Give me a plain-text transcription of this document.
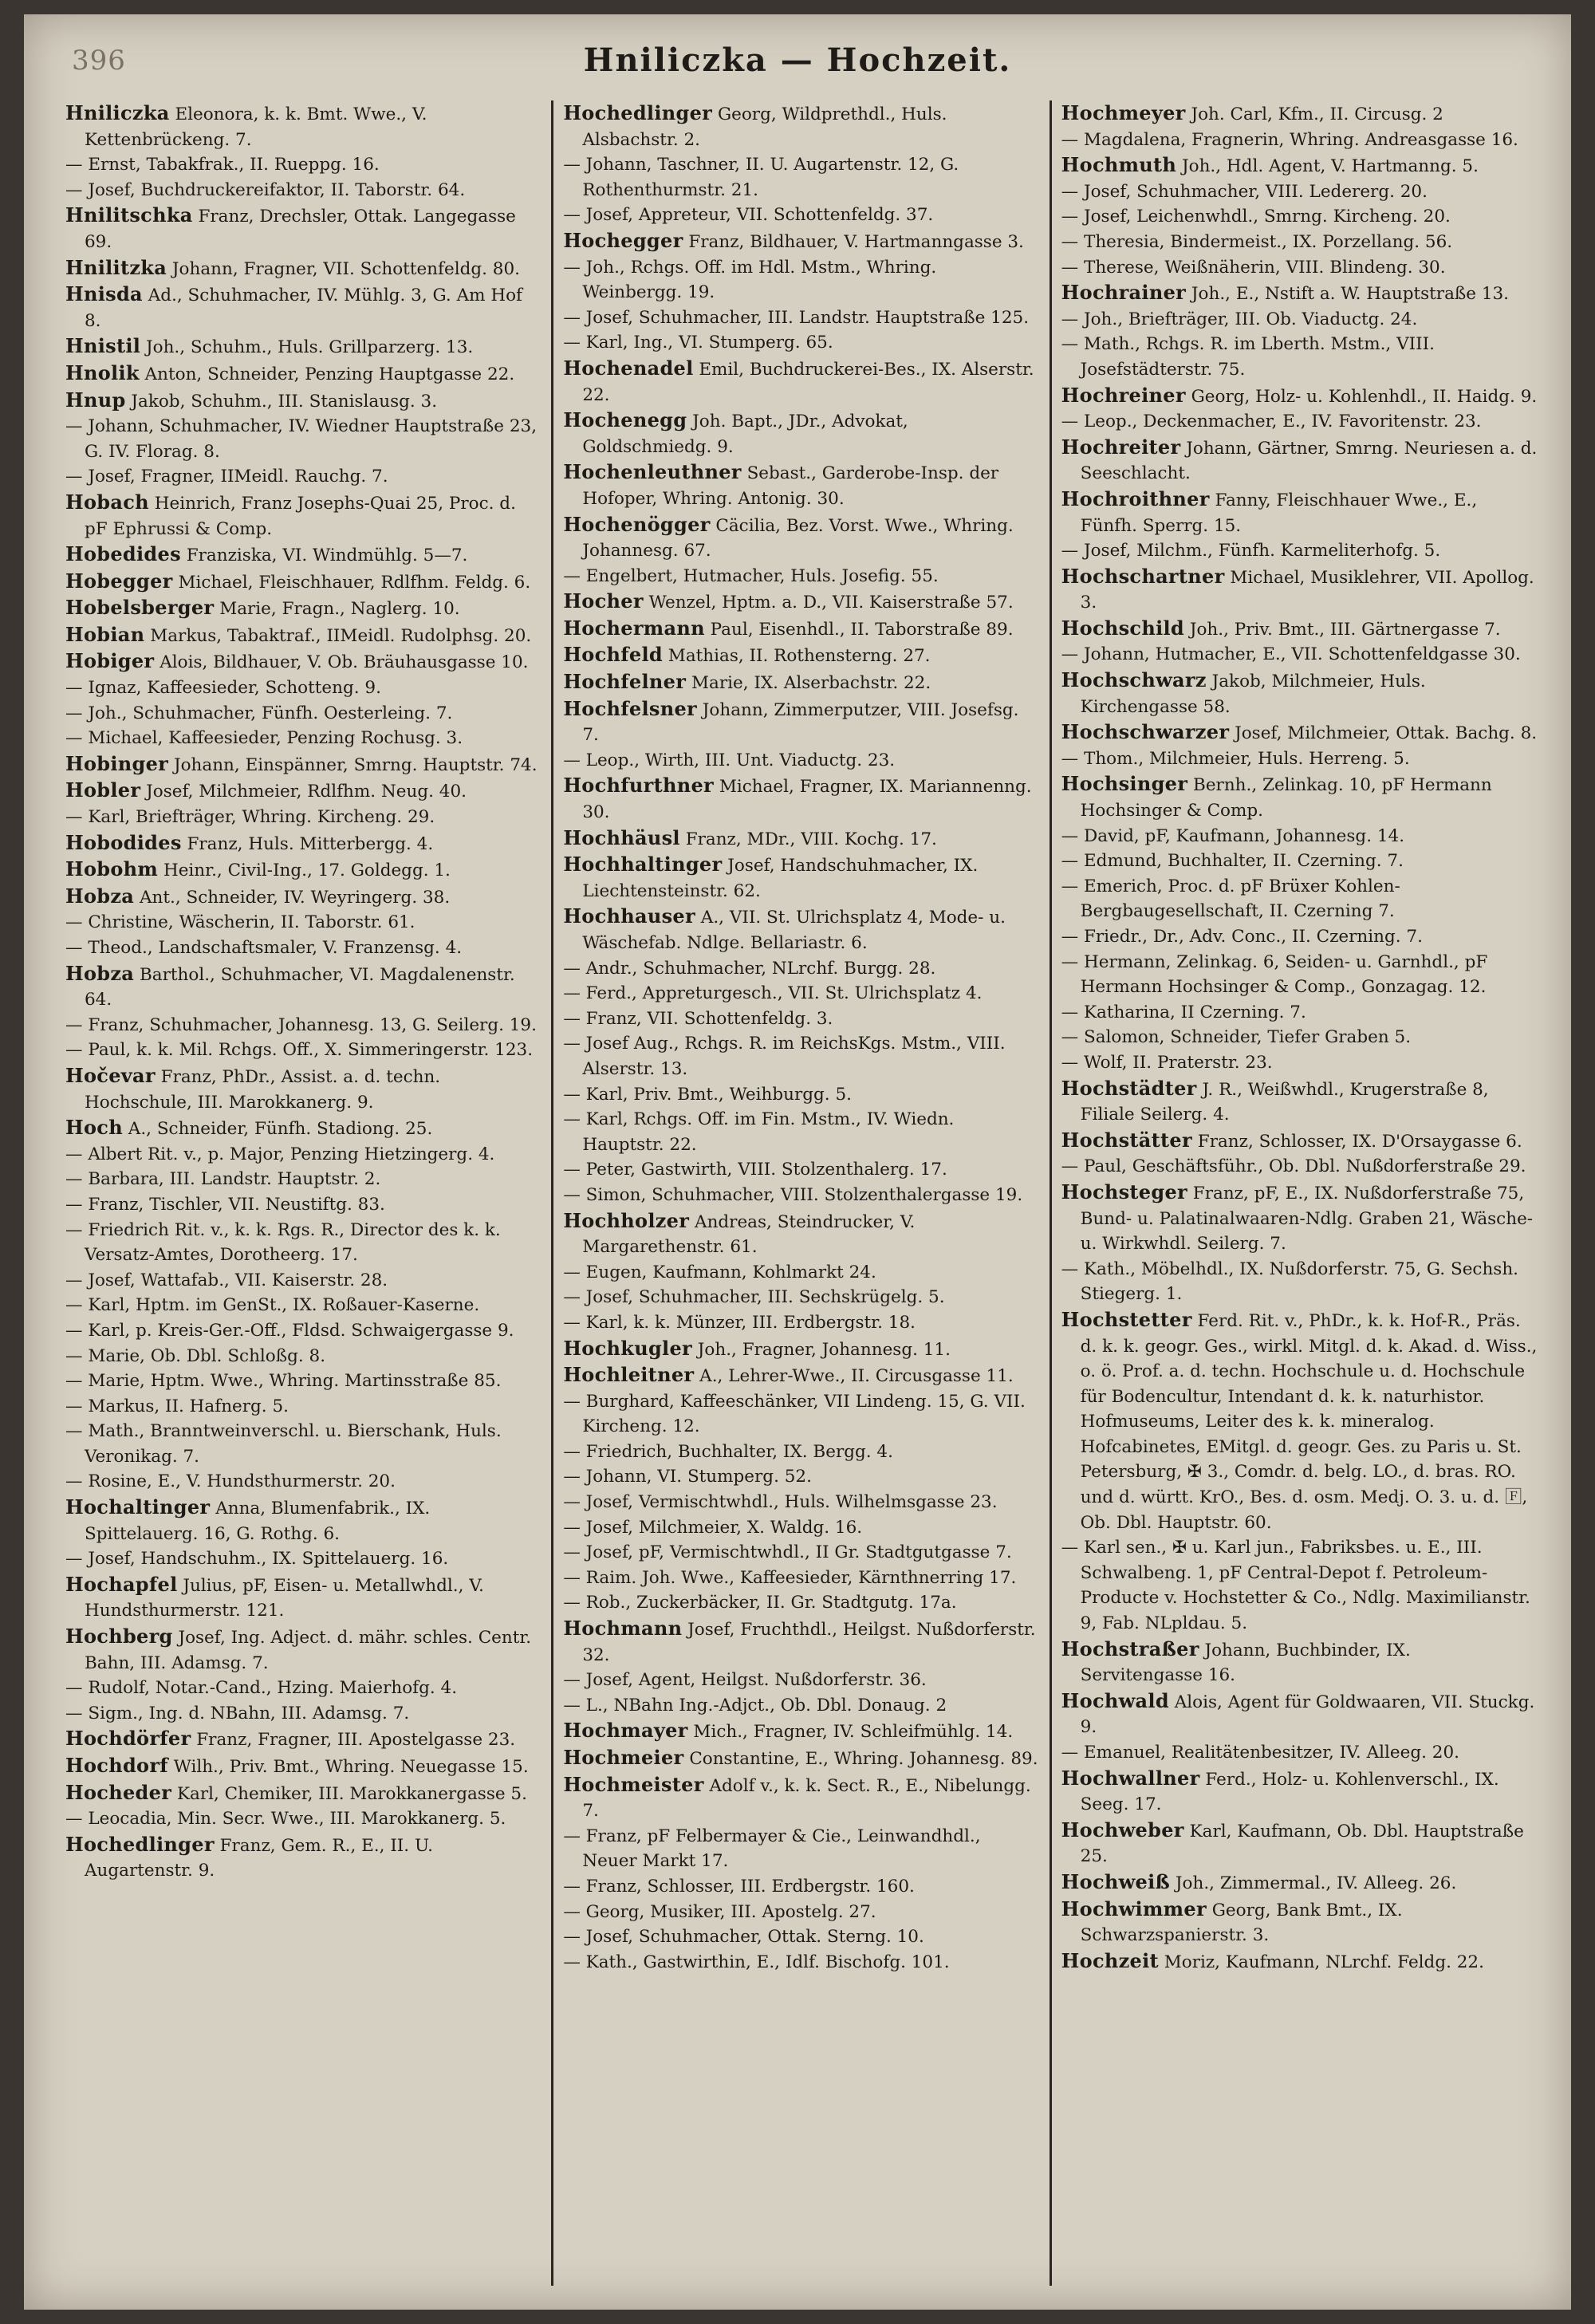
396	Hniliczka — Hochzeit.

Hniliczka Eleonora, k. k. Bmt. Wwe., V. Kettenbrückeng. 7.

— Ernst, Tabakfrak., II. Rueppg. 16.

— Josef, Buchdruckereifaktor, II. Taborstr. 64.

Hnilitschka Franz, Drechsler, Ottak. Langegasse 69.

Hnilitzka Johann, Fragner, VII. Schottenfeldg. 80.

Hnisda Ad., Schuhmacher, IV. Mühlg. 3, G. Am Hof 8.

Hnistil Joh., Schuhm., Huls. Grillparzerg. 13.

Hnolik Anton, Schneider, Penzing Hauptgasse 22.

Hnup Jakob, Schuhm., III. Stanislausg. 3.

— Johann, Schuhmacher, IV. Wiedner Hauptstraße 23, G. IV. Florag. 8.

— Josef, Fragner, IIMeidl. Rauchg. 7.

Hobach Heinrich, Franz Josephs-Quai 25, Proc. d. pF Ephrussi & Comp.

Hobedides Franziska, VI. Windmühlg. 5—7.

Hobegger Michael, Fleischhauer, Rdlfhm. Feldg. 6.

Hobelsberger Marie, Fragn., Naglerg. 10.

Hobian Markus, Tabaktraf., IIMeidl. Rudolphsg. 20.

Hobiger Alois, Bildhauer, V. Ob. Bräuhausgasse 10.

— Ignaz, Kaffeesieder, Schotteng. 9.

— Joh., Schuhmacher, Fünfh. Oesterleing. 7.

— Michael, Kaffeesieder, Penzing Rochusg. 3.

Hobinger Johann, Einspänner, Smrng. Hauptstr. 74.

Hobler Josef, Milchmeier, Rdlfhm. Neug. 40.

— Karl, Briefträger, Whring. Kircheng. 29.

Hobodides Franz, Huls. Mitterbergg. 4.

Hobohm Heinr., Civil-Ing., 17. Goldegg. 1.

Hobza Ant., Schneider, IV. Weyringerg. 38.

— Christine, Wäscherin, II. Taborstr. 61.

— Theod., Landschaftsmaler, V. Franzensg. 4.

Hobza Barthol., Schuhmacher, VI. Magdalenenstr. 64.

— Franz, Schuhmacher, Johannesg. 13, G. Seilerg. 19.

— Paul, k. k. Mil. Rchgs. Off., X. Simmeringerstr. 123.

Hočevar Franz, PhDr., Assist. a. d. techn. Hochschule, III. Marokkanerg. 9.

Hoch A., Schneider, Fünfh. Stadiong. 25.

— Albert Rit. v., p. Major, Penzing Hietzingerg. 4.

— Barbara, III. Landstr. Hauptstr. 2.

— Franz, Tischler, VII. Neustiftg. 83.

— Friedrich Rit. v., k. k. Rgs. R., Director des k. k. Versatz-Amtes, Dorotheerg. 17.

— Josef, Wattafab., VII. Kaiserstr. 28.

— Karl, Hptm. im GenSt., IX. Roßauer-Kaserne.

— Karl, p. Kreis-Ger.-Off., Fldsd. Schwaigergasse 9.

— Marie, Ob. Dbl. Schloßg. 8.

— Marie, Hptm. Wwe., Whring. Martinsstraße 85.

— Markus, II. Hafnerg. 5.

— Math., Branntweinverschl. u. Bierschank, Huls. Veronikag. 7.

— Rosine, E., V. Hundsthurmerstr. 20.

Hochaltinger Anna, Blumenfabrik., IX. Spittelauerg. 16, G. Rothg. 6.

— Josef, Handschuhm., IX. Spittelauerg. 16.

Hochapfel Julius, pF, Eisen- u. Metallwhdl., V. Hundsthurmerstr. 121.

Hochberg Josef, Ing. Adject. d. mähr. schles. Centr. Bahn, III. Adamsg. 7.

— Rudolf, Notar.-Cand., Hzing. Maierhofg. 4.

— Sigm., Ing. d. NBahn, III. Adamsg. 7.

Hochdörfer Franz, Fragner, III. Apostelgasse 23.

Hochdorf Wilh., Priv. Bmt., Whring. Neuegasse 15.

Hocheder Karl, Chemiker, III. Marokkanergasse 5.

— Leocadia, Min. Secr. Wwe., III. Marokkanerg. 5.

Hochedlinger Franz, Gem. R., E., II. U. Augartenstr. 9.

Hochedlinger Georg, Wildprethdl., Huls. Alsbachstr. 2.

— Johann, Taschner, II. U. Augartenstr. 12, G. Rothenthurmstr. 21.

— Josef, Appreteur, VII. Schottenfeldg. 37.

Hochegger Franz, Bildhauer, V. Hartmanngasse 3.

— Joh., Rchgs. Off. im Hdl. Mstm., Whring. Weinbergg. 19.

— Josef, Schuhmacher, III. Landstr. Hauptstraße 125.

— Karl, Ing., VI. Stumperg. 65.

Hochenadel Emil, Buchdruckerei-Bes., IX. Alserstr. 22.

Hochenegg Joh. Bapt., JDr., Advokat, Goldschmiedg. 9.

Hochenleuthner Sebast., Garderobe-Insp. der Hofoper, Whring. Antonig. 30.

Hochenögger Cäcilia, Bez. Vorst. Wwe., Whring. Johannesg. 67.

— Engelbert, Hutmacher, Huls. Josefig. 55.

Hocher Wenzel, Hptm. a. D., VII. Kaiserstraße 57.

Hochermann Paul, Eisenhdl., II. Taborstraße 89.

Hochfeld Mathias, II. Rothensterng. 27.

Hochfelner Marie, IX. Alserbachstr. 22.

Hochfelsner Johann, Zimmerputzer, VIII. Josefsg. 7.

— Leop., Wirth, III. Unt. Viaductg. 23.

Hochfurthner Michael, Fragner, IX. Mariannenng. 30.

Hochhäusl Franz, MDr., VIII. Kochg. 17.

Hochhaltinger Josef, Handschuhmacher, IX. Liechtensteinstr. 62.

Hochhauser A., VII. St. Ulrichsplatz 4, Mode- u. Wäschefab. Ndlge. Bellariastr. 6.

— Andr., Schuhmacher, NLrchf. Burgg. 28.

— Ferd., Appreturgesch., VII. St. Ulrichsplatz 4.

— Franz, VII. Schottenfeldg. 3.

— Josef Aug., Rchgs. R. im ReichsKgs. Mstm., VIII. Alserstr. 13.

— Karl, Priv. Bmt., Weihburgg. 5.

— Karl, Rchgs. Off. im Fin. Mstm., IV. Wiedn. Hauptstr. 22.

— Peter, Gastwirth, VIII. Stolzenthalerg. 17.

— Simon, Schuhmacher, VIII. Stolzenthalergasse 19.

Hochholzer Andreas, Steindrucker, V. Margarethenstr. 61.

— Eugen, Kaufmann, Kohlmarkt 24.

— Josef, Schuhmacher, III. Sechskrügelg. 5.

— Karl, k. k. Münzer, III. Erdbergstr. 18.

Hochkugler Joh., Fragner, Johannesg. 11.

Hochleitner A., Lehrer-Wwe., II. Circusgasse 11.

— Burghard, Kaffeeschänker, VII Lindeng. 15, G. VII. Kircheng. 12.

— Friedrich, Buchhalter, IX. Bergg. 4.

— Johann, VI. Stumperg. 52.

— Josef, Vermischtwhdl., Huls. Wilhelmsgasse 23.

— Josef, Milchmeier, X. Waldg. 16.

— Josef, pF, Vermischtwhdl., II Gr. Stadtgutgasse 7.

— Raim. Joh. Wwe., Kaffeesieder, Kärnthnerring 17.

— Rob., Zuckerbäcker, II. Gr. Stadtgutg. 17a.

Hochmann Josef, Fruchthdl., Heilgst. Nußdorferstr. 32.

— Josef, Agent, Heilgst. Nußdorferstr. 36.

— L., NBahn Ing.-Adjct., Ob. Dbl. Donaug. 2

Hochmayer Mich., Fragner, IV. Schleifmühlg. 14.

Hochmeier Constantine, E., Whring. Johannesg. 89.

Hochmeister Adolf v., k. k. Sect. R., E., Nibelungg. 7.

— Franz, pF Felbermayer & Cie., Leinwandhdl., Neuer Markt 17.

— Franz, Schlosser, III. Erdbergstr. 160.

— Georg, Musiker, III. Apostelg. 27.

— Josef, Schuhmacher, Ottak. Sterng. 10.

— Kath., Gastwirthin, E., Idlf. Bischofg. 101.

Hochmeyer Joh. Carl, Kfm., II. Circusg. 2

— Magdalena, Fragnerin, Whring. Andreasgasse 16.

Hochmuth Joh., Hdl. Agent, V. Hartmanng. 5.

— Josef, Schuhmacher, VIII. Ledererg. 20.

— Josef, Leichenwhdl., Smrng. Kircheng. 20.

— Theresia, Bindermeist., IX. Porzellang. 56.

— Therese, Weißnäherin, VIII. Blindeng. 30.

Hochrainer Joh., E., Nstift a. W. Hauptstraße 13.

— Joh., Briefträger, III. Ob. Viaductg. 24.

— Math., Rchgs. R. im Lberth. Mstm., VIII. Josefstädterstr. 75.

Hochreiner Georg, Holz- u. Kohlenhdl., II. Haidg. 9.

— Leop., Deckenmacher, E., IV. Favoritenstr. 23.

Hochreiter Johann, Gärtner, Smrng. Neuriesen a. d. Seeschlacht.

Hochroithner Fanny, Fleischhauer Wwe., E., Fünfh. Sperrg. 15.

— Josef, Milchm., Fünfh. Karmeliterhofg. 5.

Hochschartner Michael, Musiklehrer, VII. Apollog. 3.

Hochschild Joh., Priv. Bmt., III. Gärtnergasse 7.

— Johann, Hutmacher, E., VII. Schottenfeldgasse 30.

Hochschwarz Jakob, Milchmeier, Huls. Kirchengasse 58.

Hochschwarzer Josef, Milchmeier, Ottak. Bachg. 8.

— Thom., Milchmeier, Huls. Herreng. 5.

Hochsinger Bernh., Zelinkag. 10, pF Hermann Hochsinger & Comp.

— David, pF, Kaufmann, Johannesg. 14.

— Edmund, Buchhalter, II. Czerning. 7.

— Emerich, Proc. d. pF Brüxer Kohlen-Bergbaugesellschaft, II. Czerning 7.

— Friedr., Dr., Adv. Conc., II. Czerning. 7.

— Hermann, Zelinkag. 6, Seiden- u. Garnhdl., pF Hermann Hochsinger & Comp., Gonzagag. 12.

— Katharina, II Czerning. 7.

— Salomon, Schneider, Tiefer Graben 5.

— Wolf, II. Praterstr. 23.

Hochstädter J. R., Weißwhdl., Krugerstraße 8, Filiale Seilerg. 4.

Hochstätter Franz, Schlosser, IX. D'Orsaygasse 6.

— Paul, Geschäftsführ., Ob. Dbl. Nußdorferstraße 29.

Hochsteger Franz, pF, E., IX. Nußdorferstraße 75, Bund- u. Palatinalwaaren-Ndlg. Graben 21, Wäsche- u. Wirkwhdl. Seilerg. 7.

— Kath., Möbelhdl., IX. Nußdorferstr. 75, G. Sechsh. Stiegerg. 1.

Hochstetter Ferd. Rit. v., PhDr., k. k. Hof-R., Präs. d. k. k. geogr. Ges., wirkl. Mitgl. d. k. Akad. d. Wiss., o. ö. Prof. a. d. techn. Hochschule u. d. Hochschule für Bodencultur, Intendant d. k. k. naturhistor. Hofmuseums, Leiter des k. k. mineralog. Hofcabinetes, EMitgl. d. geogr. Ges. zu Paris u. St. Petersburg, ✠ 3., Comdr. d. belg. LO., d. bras. RO. und d. württ. KrO., Bes. d. osm. Medj. O. 3. u. d. 🄵, Ob. Dbl. Hauptstr. 60.

— Karl sen., ✠ u. Karl jun., Fabriksbes. u. E., III. Schwalbeng. 1, pF Central-Depot f. Petroleum-Producte v. Hochstetter & Co., Ndlg. Maximilianstr. 9, Fab. NLpldau. 5.

Hochstraßer Johann, Buchbinder, IX. Servitengasse 16.

Hochwald Alois, Agent für Goldwaaren, VII. Stuckg. 9.

— Emanuel, Realitätenbesitzer, IV. Alleeg. 20.

Hochwallner Ferd., Holz- u. Kohlenverschl., IX. Seeg. 17.

Hochweber Karl, Kaufmann, Ob. Dbl. Hauptstraße 25.

Hochweiß Joh., Zimmermal., IV. Alleeg. 26.

Hochwimmer Georg, Bank Bmt., IX. Schwarzspanierstr. 3.

Hochzeit Moriz, Kaufmann, NLrchf. Feldg. 22.
